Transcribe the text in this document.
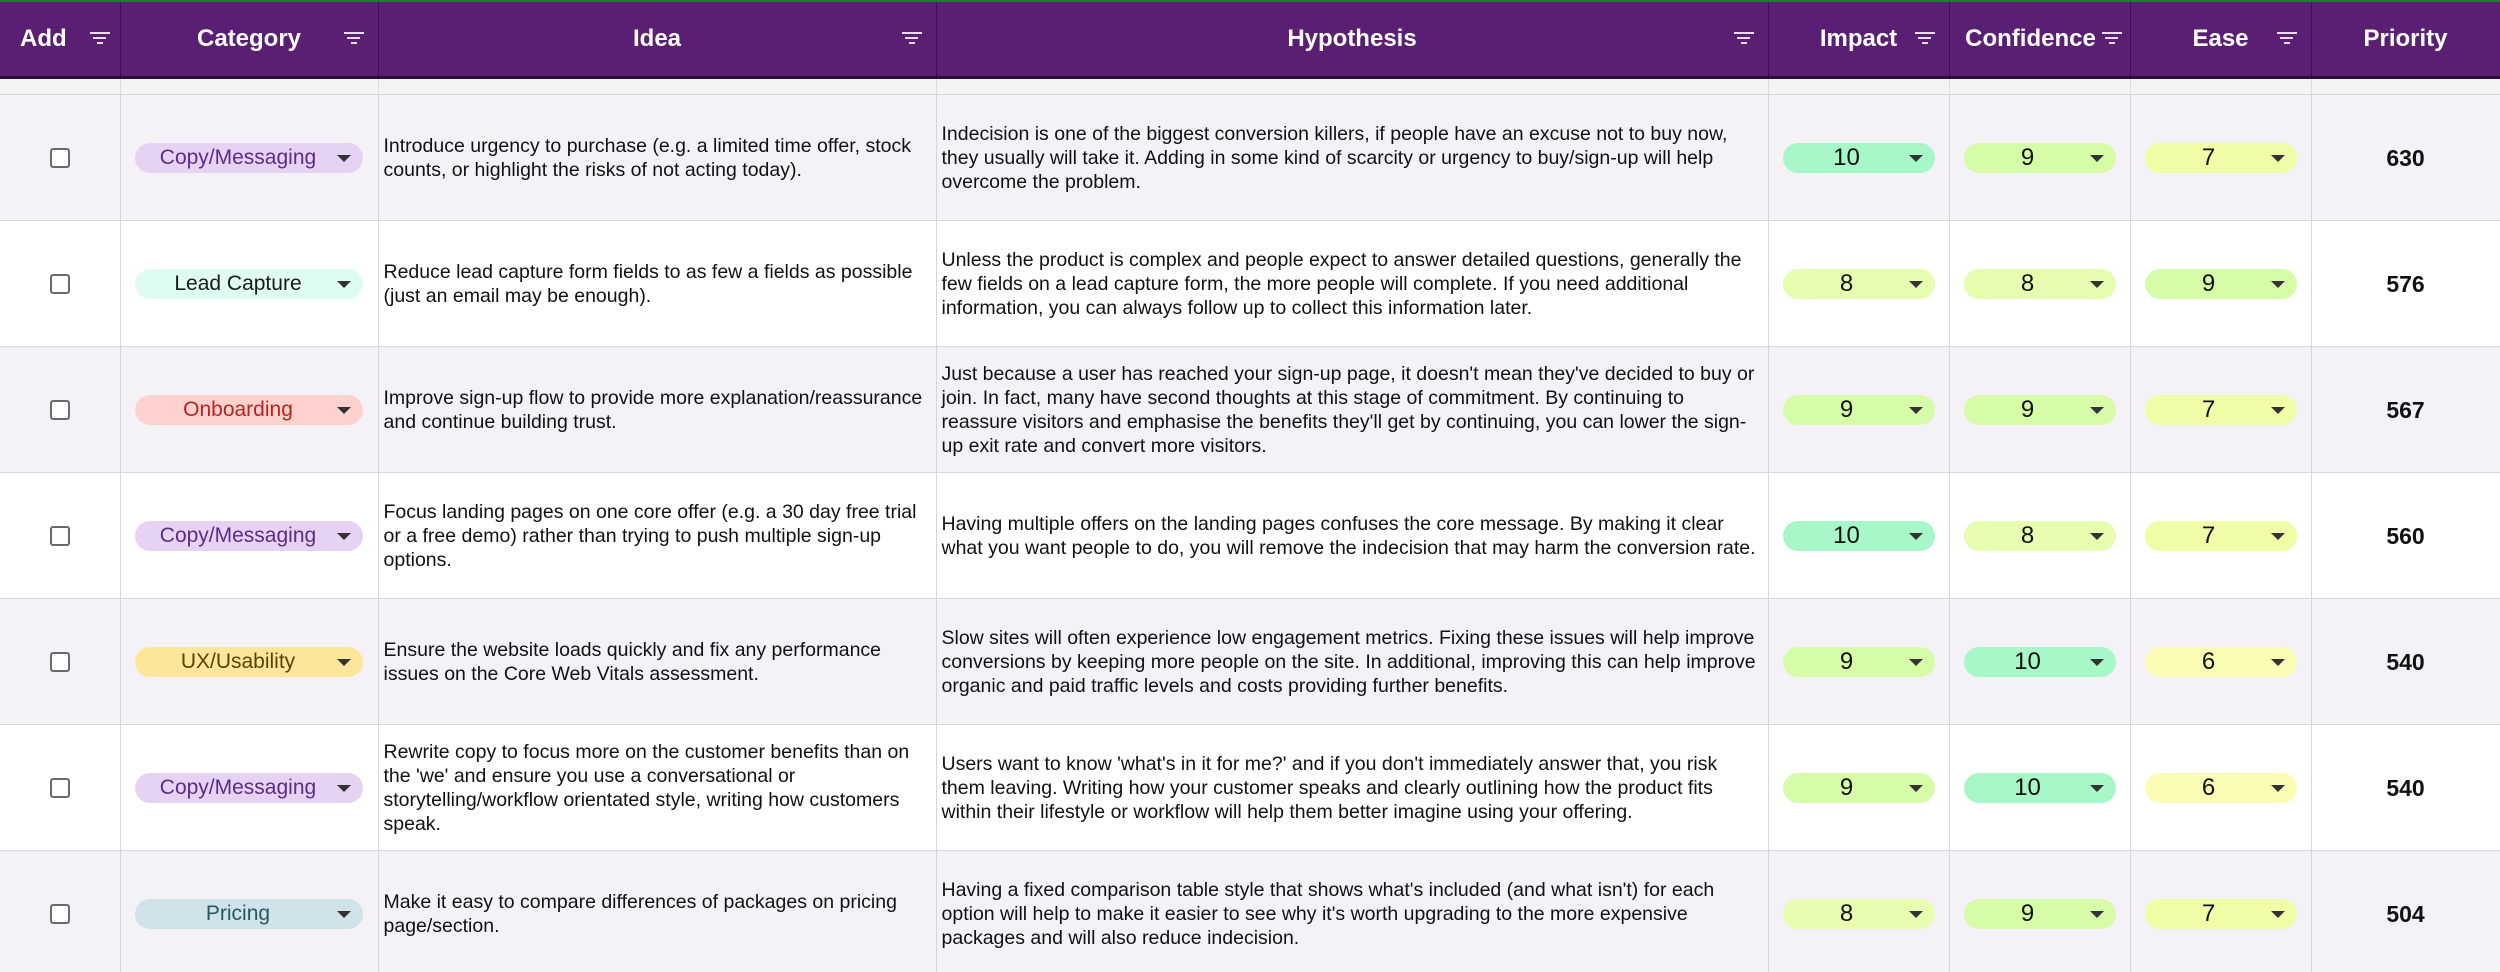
Add	Category	Idea	Hypothesis	Impact	Confidence	Ease	Priority

	Copy/Messaging	Introduce urgency to purchase (e.g. a limited time offer, stock counts, or highlight the risks of not acting today).	Indecision is one of the biggest conversion killers, if people have an excuse not to buy now, they usually will take it. Adding in some kind of scarcity or urgency to buy/sign-up will help overcome the problem.	10	9	7	630
	Lead Capture	Reduce lead capture form fields to as few a fields as possible (just an email may be enough).	Unless the product is complex and people expect to answer detailed questions, generally the few fields on a lead capture form, the more people will complete. If you need additional information, you can always follow up to collect this information later.	8	8	9	576
	Onboarding	Improve sign-up flow to provide more explanation/reassurance and continue building trust.	Just because a user has reached your sign-up page, it doesn't mean they've decided to buy or join. In fact, many have second thoughts at this stage of commitment. By continuing to reassure visitors and emphasise the benefits they'll get by continuing, you can lower the sign-up exit rate and convert more visitors.	9	9	7	567
	Copy/Messaging	Focus landing pages on one core offer (e.g. a 30 day free trial or a free demo) rather than trying to push multiple sign-up options.	Having multiple offers on the landing pages confuses the core message. By making it clear what you want people to do, you will remove the indecision that may harm the conversion rate.	10	8	7	560
	UX/Usability	Ensure the website loads quickly and fix any performance issues on the Core Web Vitals assessment.	Slow sites will often experience low engagement metrics. Fixing these issues will help improve conversions by keeping more people on the site. In additional, improving this can help improve organic and paid traffic levels and costs providing further benefits.	9	10	6	540
	Copy/Messaging	Rewrite copy to focus more on the customer benefits than on the 'we' and ensure you use a conversational or storytelling/workflow orientated style, writing how customers speak.	Users want to know 'what's in it for me?' and if you don't immediately answer that, you risk them leaving. Writing how your customer speaks and clearly outlining how the product fits within their lifestyle or workflow will help them better imagine using your offering.	9	10	6	540
	Pricing	Make it easy to compare differences of packages on pricing page/section.	Having a fixed comparison table style that shows what's included (and what isn't) for each option will help to make it easier to see why it's worth upgrading to the more expensive packages and will also reduce indecision.	8	9	7	504
